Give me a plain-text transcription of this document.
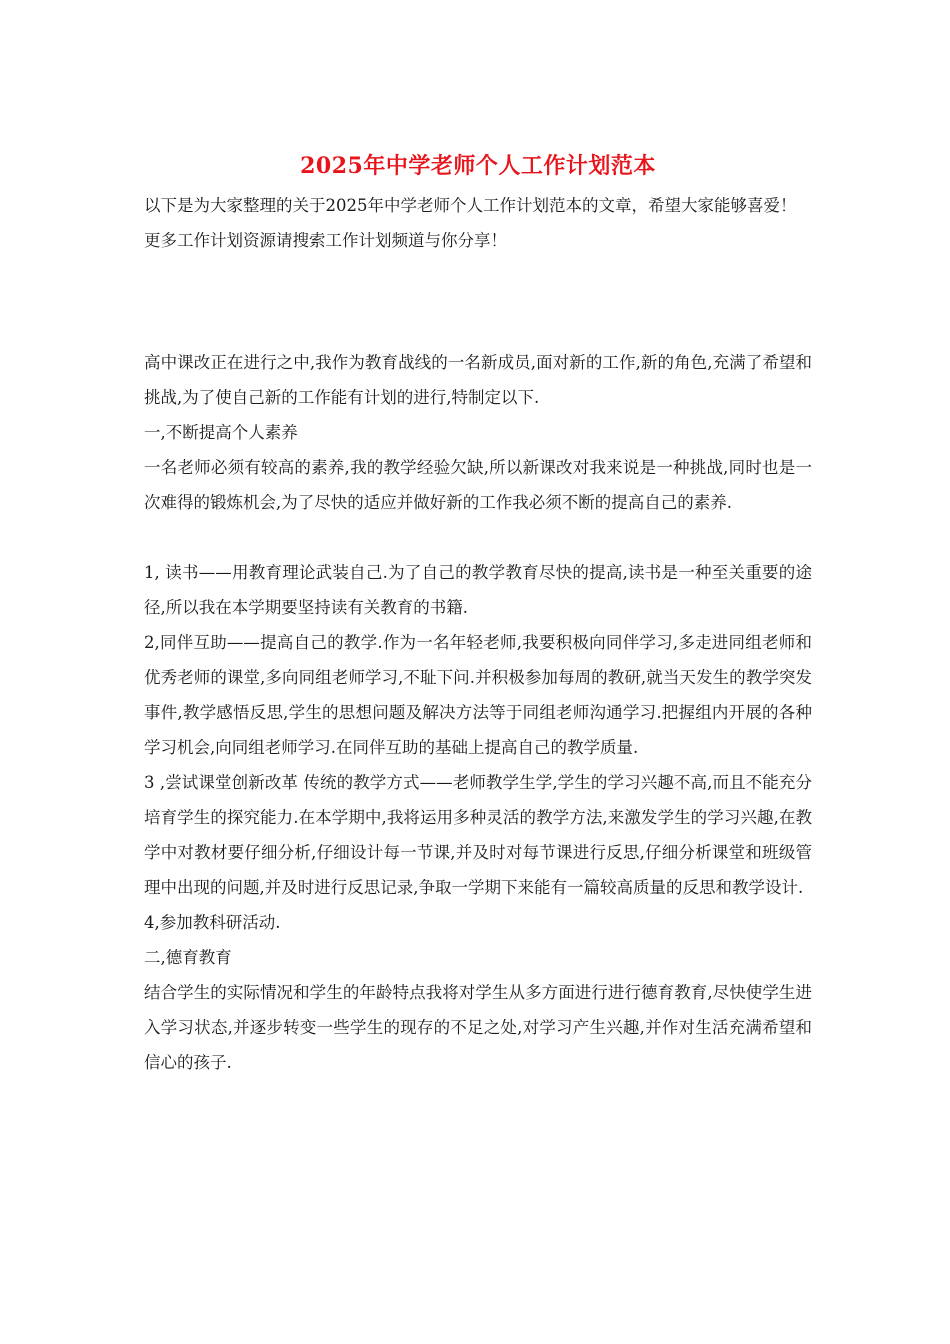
2025年中学老师个人工作计划范本

以下是为大家整理的关于2025年中学老师个人工作计划范本的文章，希望大家能够喜爱！更多工作计划资源请搜索工作计划频道与你分享！

高中课改正在进行之中,我作为教育战线的一名新成员,面对新的工作,新的角色,充满了希望和挑战,为了使自己新的工作能有计划的进行,特制定以下.

一,不断提高个人素养

一名老师必须有较高的素养,我的教学经验欠缺,所以新课改对我来说是一种挑战,同时也是一次难得的锻炼机会,为了尽快的适应并做好新的工作我必须不断的提高自己的素养.

1, 读书——用教育理论武装自己.为了自己的教学教育尽快的提高,读书是一种至关重要的途径,所以我在本学期要坚持读有关教育的书籍.

2,同伴互助——提高自己的教学.作为一名年轻老师,我要积极向同伴学习,多走进同组老师和优秀老师的课堂,多向同组老师学习,不耻下问.并积极参加每周的教研,就当天发生的教学突发事件,教学感悟反思,学生的思想问题及解决方法等于同组老师沟通学习.把握组内开展的各种学习机会,向同组老师学习.在同伴互助的基础上提高自己的教学质量.

3 ,尝试课堂创新改革 传统的教学方式——老师教学生学,学生的学习兴趣不高,而且不能充分培育学生的探究能力.在本学期中,我将运用多种灵活的教学方法,来激发学生的学习兴趣,在教学中对教材要仔细分析,仔细设计每一节课,并及时对每节课进行反思,仔细分析课堂和班级管理中出现的问题,并及时进行反思记录,争取一学期下来能有一篇较高质量的反思和教学设计.

4,参加教科研活动.

二,德育教育

结合学生的实际情况和学生的年龄特点我将对学生从多方面进行进行德育教育,尽快使学生进入学习状态,并逐步转变一些学生的现存的不足之处,对学习产生兴趣,并作对生活充满希望和信心的孩子.
